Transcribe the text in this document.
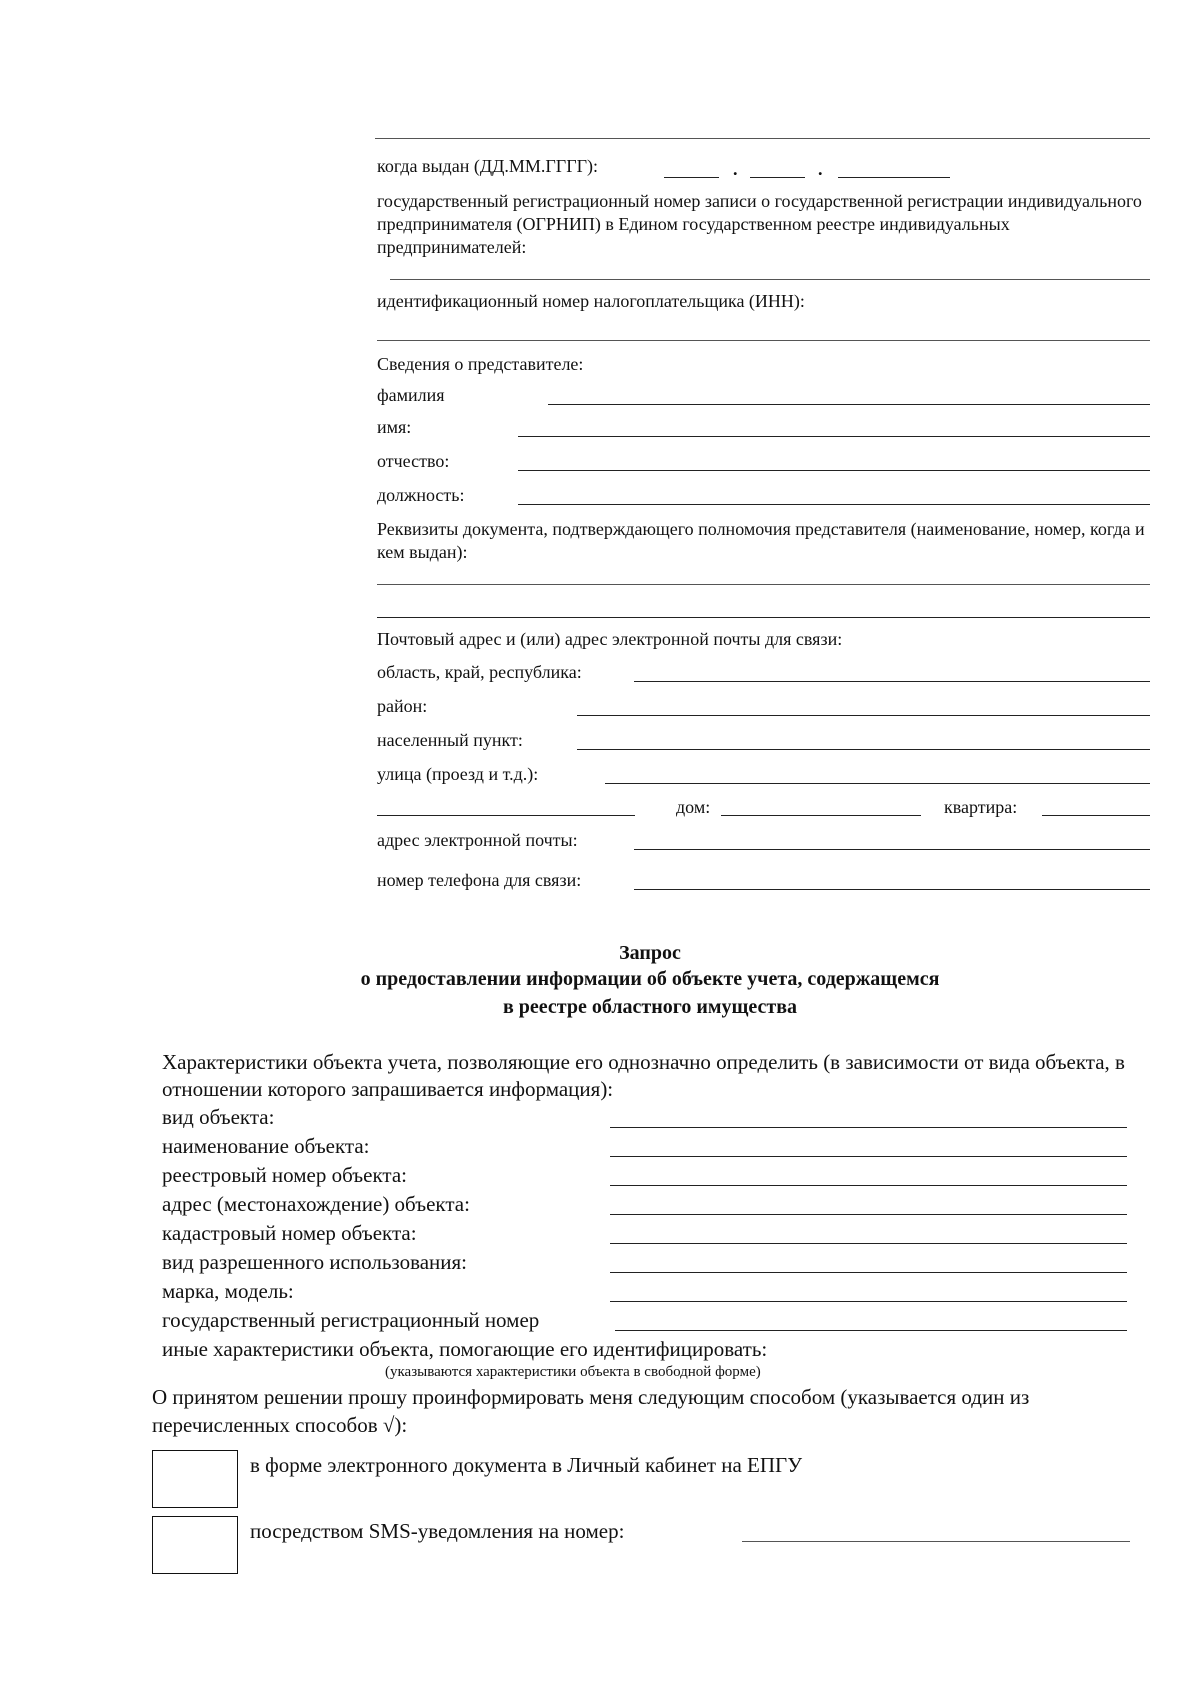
когда выдан (ДД.ММ.ГГГГ):	.	.
государственный регистрационный номер записи о государственной регистрации индивидуального предпринимателя (ОГРНИП) в Едином государственном реестре индивидуальных предпринимателей:
идентификационный номер налогоплательщика (ИНН):
Сведения о представителе:
фамилия
имя:
отчество:
должность:
Реквизиты документа, подтверждающего полномочия представителя (наименование, номер, когда и кем выдан):
Почтовый адрес и (или) адрес электронной почты для связи:
область, край, республика:
район:
населенный пункт:
улица (проезд и т.д.):
дом:	квартира:
адрес электронной почты:
номер телефона для связи:
Запрос
о предоставлении информации об объекте учета, содержащемся
в реестре областного имущества
Характеристики объекта учета, позволяющие его однозначно определить (в зависимости от вида объекта, в отношении которого запрашивается информация):
вид объекта:
наименование объекта:
реестровый номер объекта:
адрес (местонахождение) объекта:
кадастровый номер объекта:
вид разрешенного использования:
марка, модель:
государственный регистрационный номер
иные характеристики объекта, помогающие его идентифицировать:
(указываются характеристики объекта в свободной форме)
О принятом решении прошу проинформировать меня следующим способом (указывается один из перечисленных способов √):
в форме электронного документа в Личный кабинет на ЕПГУ
посредством SMS-уведомления на номер:
